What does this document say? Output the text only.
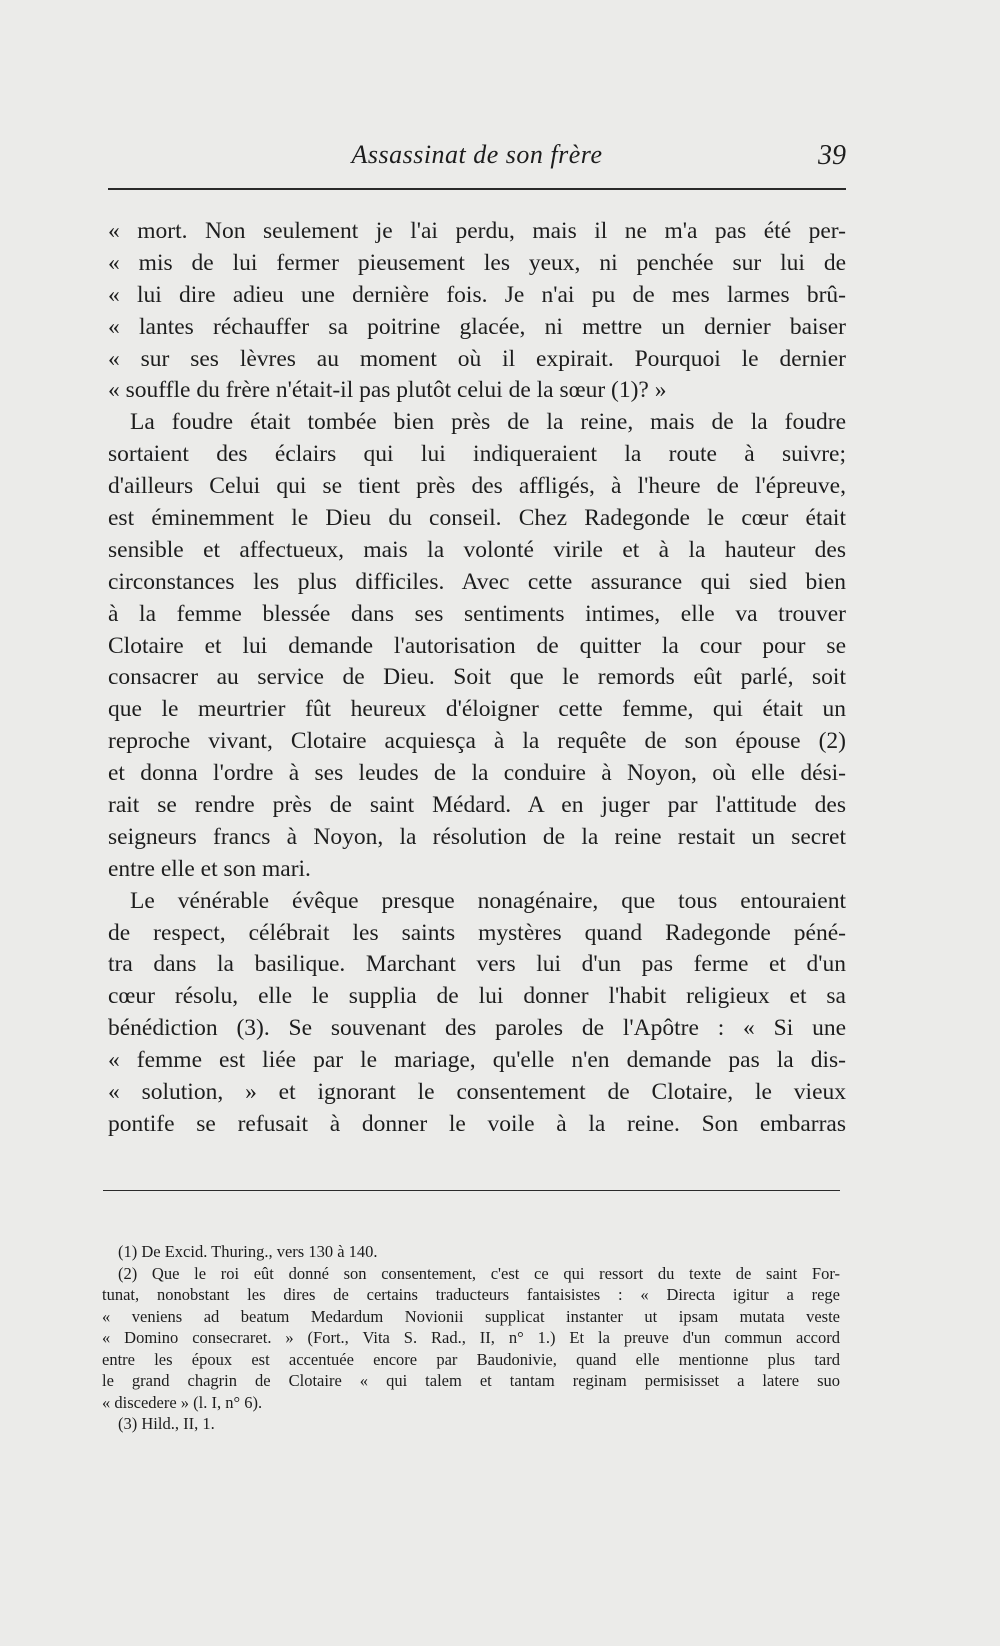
Assassinat de son frère	39
« mort. Non seulement je l'ai perdu, mais il ne m'a pas été per-
« mis de lui fermer pieusement les yeux, ni penchée sur lui de
« lui dire adieu une dernière fois. Je n'ai pu de mes larmes brû-
« lantes réchauffer sa poitrine glacée, ni mettre un dernier baiser
« sur ses lèvres au moment où il expirait. Pourquoi le dernier
« souffle du frère n'était-il pas plutôt celui de la sœur (1)? »
La foudre était tombée bien près de la reine, mais de la foudre
sortaient des éclairs qui lui indiqueraient la route à suivre;
d'ailleurs Celui qui se tient près des affligés, à l'heure de l'épreuve,
est éminemment le Dieu du conseil. Chez Radegonde le cœur était
sensible et affectueux, mais la volonté virile et à la hauteur des
circonstances les plus difficiles. Avec cette assurance qui sied bien
à la femme blessée dans ses sentiments intimes, elle va trouver
Clotaire et lui demande l'autorisation de quitter la cour pour se
consacrer au service de Dieu. Soit que le remords eût parlé, soit
que le meurtrier fût heureux d'éloigner cette femme, qui était un
reproche vivant, Clotaire acquiesça à la requête de son épouse (2)
et donna l'ordre à ses leudes de la conduire à Noyon, où elle dési-
rait se rendre près de saint Médard. A en juger par l'attitude des
seigneurs francs à Noyon, la résolution de la reine restait un secret
entre elle et son mari.
Le vénérable évêque presque nonagénaire, que tous entouraient
de respect, célébrait les saints mystères quand Radegonde péné-
tra dans la basilique. Marchant vers lui d'un pas ferme et d'un
cœur résolu, elle le supplia de lui donner l'habit religieux et sa
bénédiction (3). Se souvenant des paroles de l'Apôtre : « Si une
« femme est liée par le mariage, qu'elle n'en demande pas la dis-
« solution, » et ignorant le consentement de Clotaire, le vieux
pontife se refusait à donner le voile à la reine. Son embarras
(1) De Excid. Thuring., vers 130 à 140.
(2) Que le roi eût donné son consentement, c'est ce qui ressort du texte de saint For-
tunat, nonobstant les dires de certains traducteurs fantaisistes : « Directa igitur a rege
« veniens ad beatum Medardum Novionii supplicat instanter ut ipsam mutata veste
« Domino consecraret. » (Fort., Vita S. Rad., II, n° 1.) Et la preuve d'un commun accord
entre les époux est accentuée encore par Baudonivie, quand elle mentionne plus tard
le grand chagrin de Clotaire « qui talem et tantam reginam permisisset a latere suo
« discedere » (l. I, n° 6).
(3) Hild., II, 1.
